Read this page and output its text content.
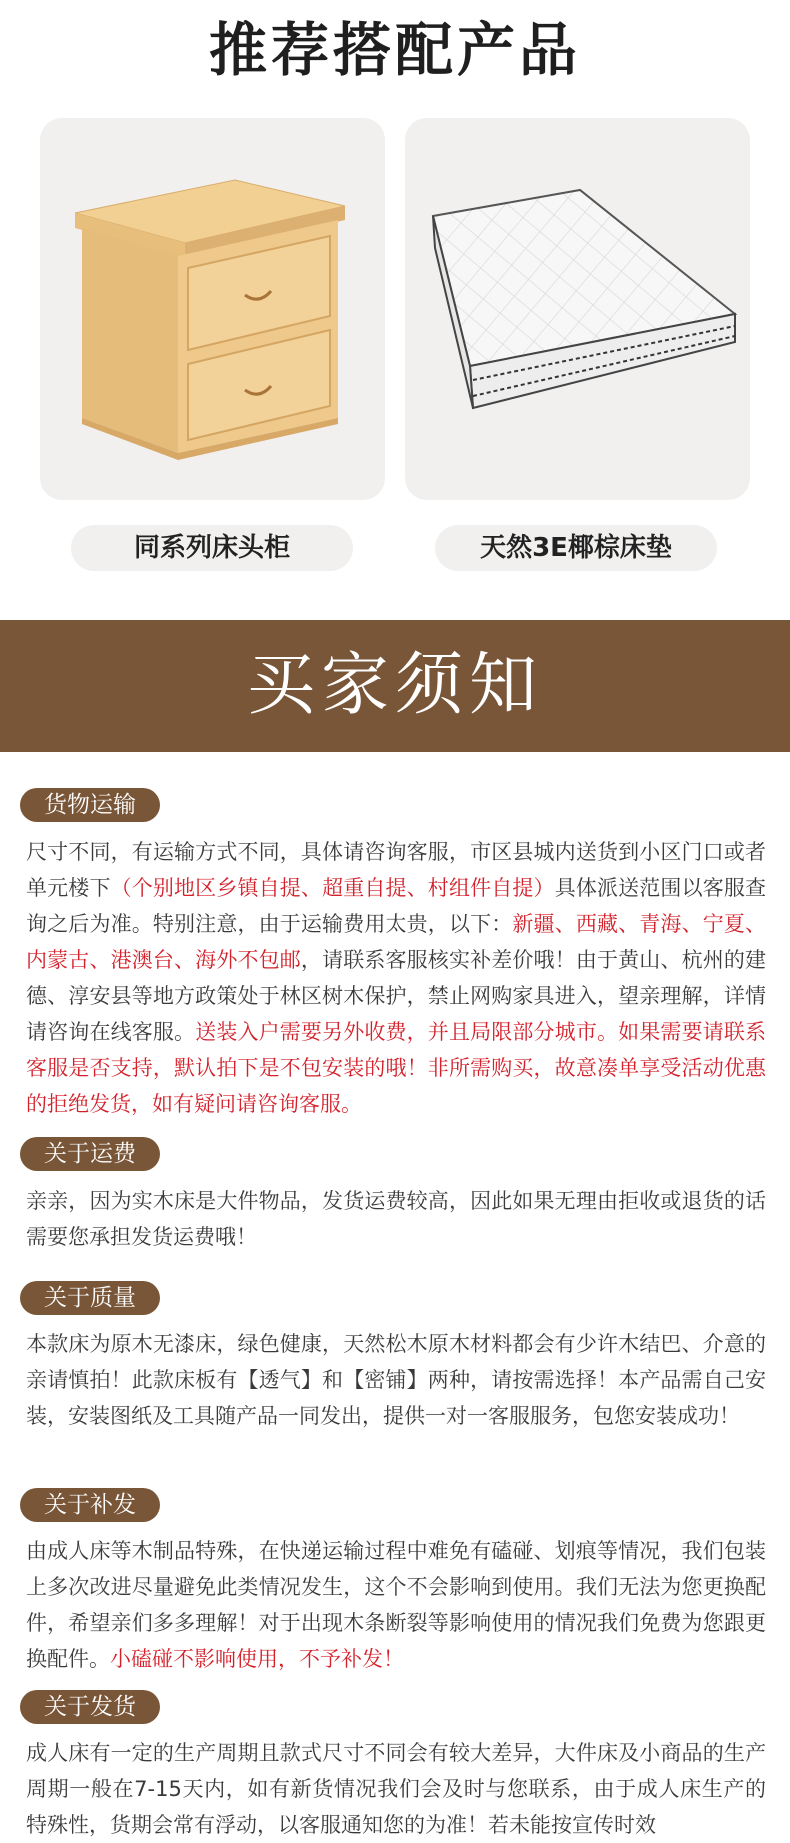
推荐搭配产品
同系列床头柜	天然3E椰棕床垫
买家须知
货物运输

尺寸不同，有运输方式不同，具体请咨询客服，市区县城内送货到小区门口或者单元楼下（个别地区乡镇自提、超重自提、村组件自提）具体派送范围以客服查询之后为准。特别注意，由于运输费用太贵，以下：新疆、西藏、青海、宁夏、内蒙古、港澳台、海外不包邮，请联系客服核实补差价哦！由于黄山、杭州的建德、淳安县等地方政策处于林区树木保护，禁止网购家具进入，望亲理解，详情请咨询在线客服。送装入户需要另外收费，并且局限部分城市。如果需要请联系客服是否支持，默认拍下是不包安装的哦！非所需购买，故意凑单享受活动优惠的拒绝发货，如有疑问请咨询客服。

关于运费

亲亲，因为实木床是大件物品，发货运费较高，因此如果无理由拒收或退货的话需要您承担发货运费哦！

关于质量

本款床为原木无漆床，绿色健康，天然松木原木材料都会有少许木结巴、介意的亲请慎拍！此款床板有【透气】和【密铺】两种，请按需选择！本产品需自己安装，安装图纸及工具随产品一同发出，提供一对一客服服务，包您安装成功！

关于补发

由成人床等木制品特殊，在快递运输过程中难免有磕碰、划痕等情况，我们包装上多次改进尽量避免此类情况发生，这个不会影响到使用。我们无法为您更换配件，希望亲们多多理解！对于出现木条断裂等影响使用的情况我们免费为您跟更换配件。小磕碰不影响使用，不予补发！

关于发货

成人床有一定的生产周期且款式尺寸不同会有较大差异，大件床及小商品的生产周期一般在7-15天内，如有新货情况我们会及时与您联系，由于成人床生产的特殊性，货期会常有浮动，以客服通知您的为准！若未能按宣传时效
